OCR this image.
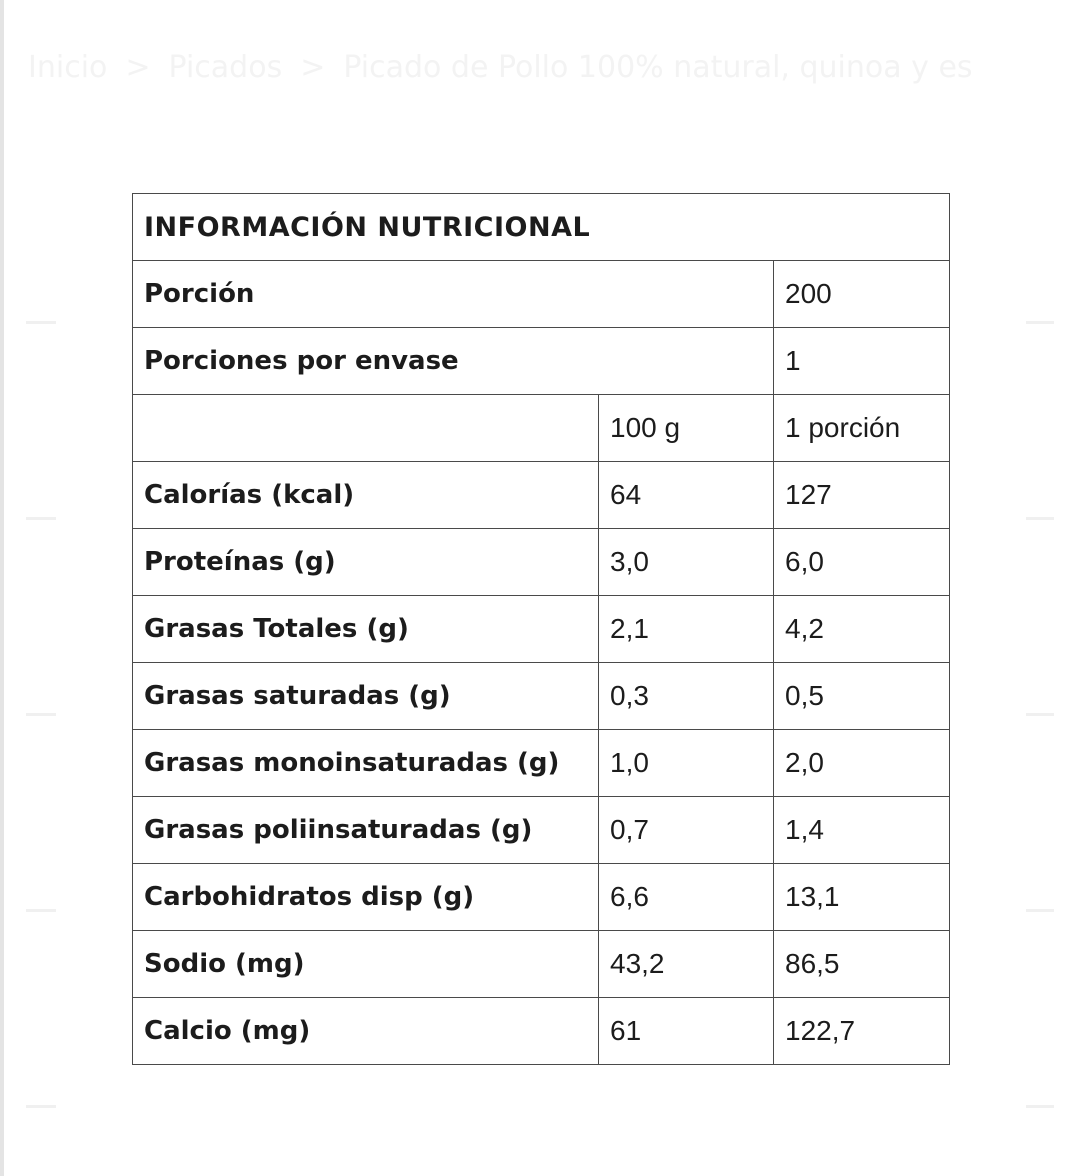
Inicio > Picados > Picado de Pollo 100% natural, quinoa y es
INFORMACIÓN NUTRICIONAL		
Porción		200
Porciones por envase		1
	100 g	1 porción
Calorías (kcal)	64	127
Proteínas (g)	3,0	6,0
Grasas Totales (g)	2,1	4,2
Grasas saturadas (g)	0,3	0,5
Grasas monoinsaturadas (g)	1,0	2,0
Grasas poliinsaturadas (g)	0,7	1,4
Carbohidratos disp (g)	6,6	13,1
Sodio (mg)	43,2	86,5
Calcio (mg)	61	122,7
